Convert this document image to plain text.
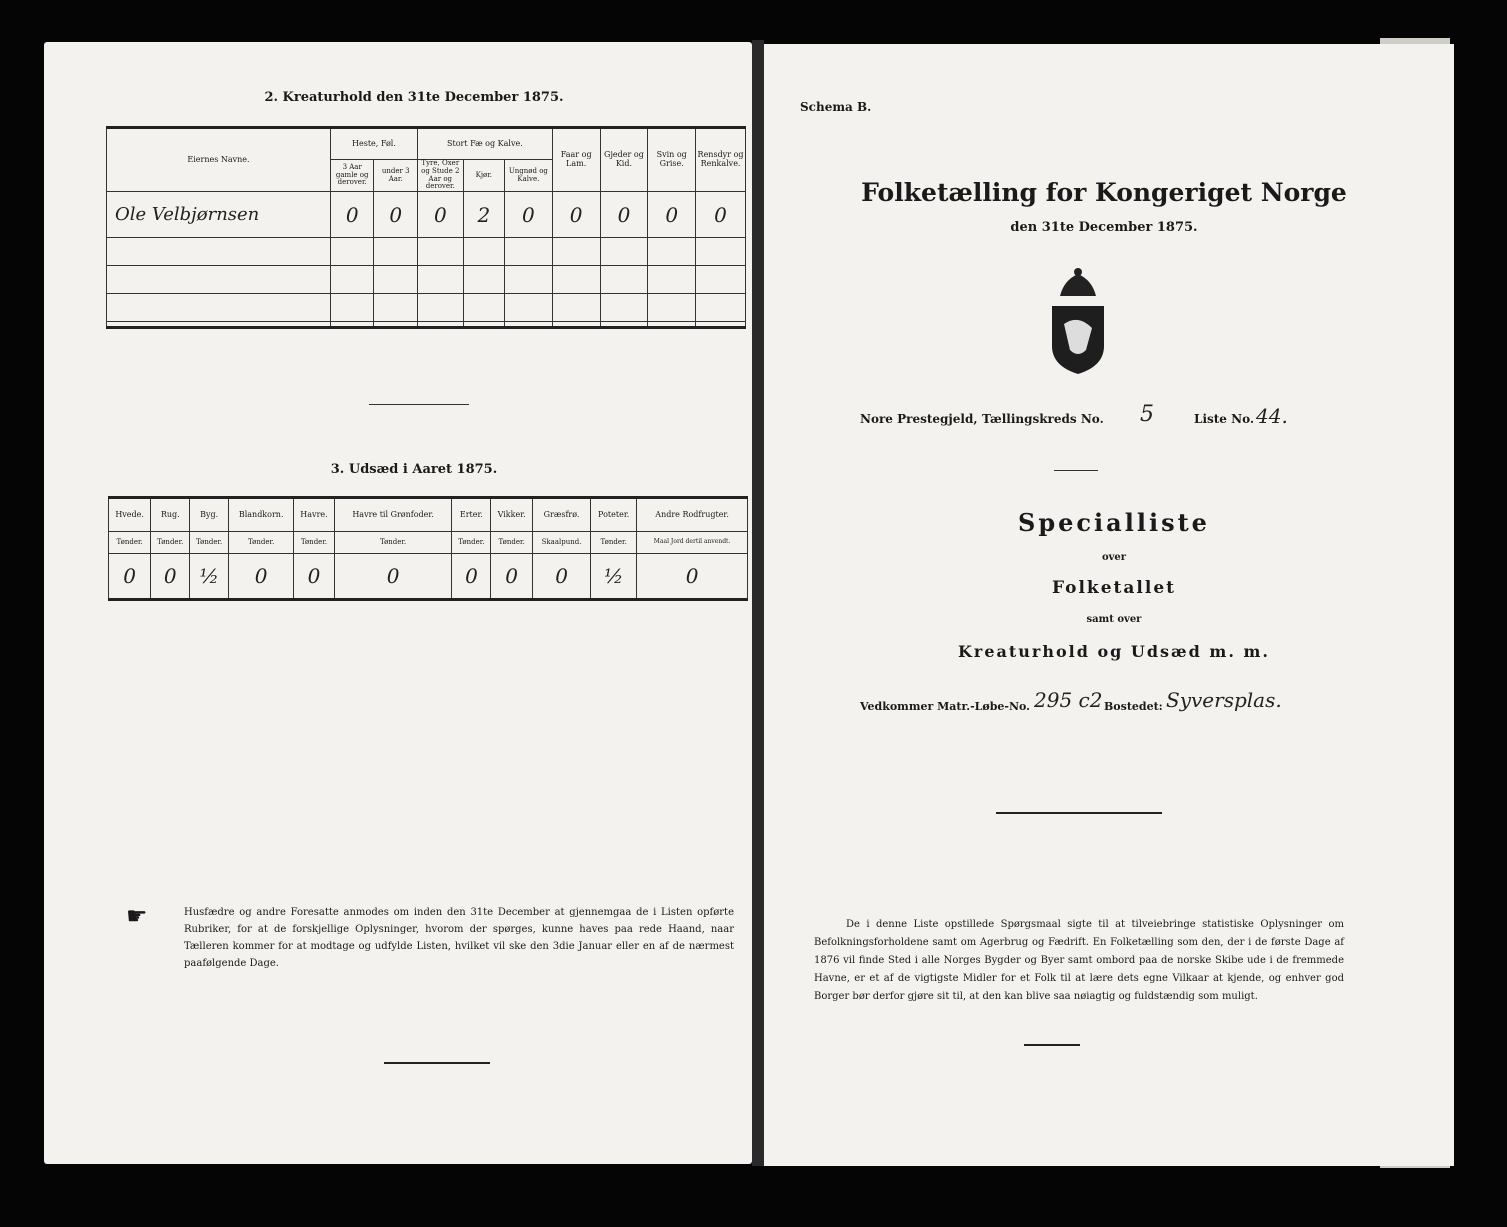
2. Kreaturhold den 31te December 1875.
Eiernes Navne.	Heste, Føl.		Stort Fæ og Kalve.			Faar og Lam.	Gjeder og Kid.	Svin og Grise.	Rensdyr og Renkalve.
	3 Aar gamle og derover.	under 3 Aar.	Tyre, Oxer og Stude 2 Aar og derover.	Kjør.	Ungnød og Kalve.				
Ole Velbjørnsen	0	0	0	2	0	0	0	0	0

3. Udsæd i Aaret 1875.
Hvede.	Rug.	Byg.	Blandkorn.	Havre.	Havre til Grønfoder.	Erter.	Vikker.	Græsfrø.	Poteter.	Andre Rodfrugter.
Tønder.	Tønder.	Tønder.	Tønder.	Tønder.	Tønder.	Tønder.	Tønder.	Skaalpund.	Tønder.	Maal Jord dertil anvendt.
0	0	½	0	0	0	0	0	0	½	0
☛	Husfædre og andre Foresatte anmodes om inden den 31te December at gjennemgaa de i Listen opførte Rubriker, for at de forskjellige Oplysninger, hvorom der spørges, kunne haves paa rede Haand, naar Tælleren kommer for at modtage og udfylde Listen, hvilket vil ske den 3die Januar eller en af de nærmest paafølgende Dage.
Schema B.
Folketælling for Kongeriget Norge
den 31te December 1875.
Nore Prestegjeld, Tællingskreds No. 5	Liste No. 44.
Specialliste
over
Folketallet
samt over
Kreaturhold og Udsæd m. m.
Vedkommer Matr.-Løbe-No. 295 c2 Bostedet: Syversplas.
De i denne Liste opstillede Spørgsmaal sigte til at tilveiebringe statistiske Oplysninger om Befolkningsforholdene samt om Agerbrug og Fædrift. En Folketælling som den, der i de første Dage af 1876 vil finde Sted i alle Norges Bygder og Byer samt ombord paa de norske Skibe ude i de fremmede Havne, er et af de vigtigste Midler for et Folk til at lære dets egne Vilkaar at kjende, og enhver god Borger bør derfor gjøre sit til, at den kan blive saa nøiagtig og fuldstændig som muligt.
